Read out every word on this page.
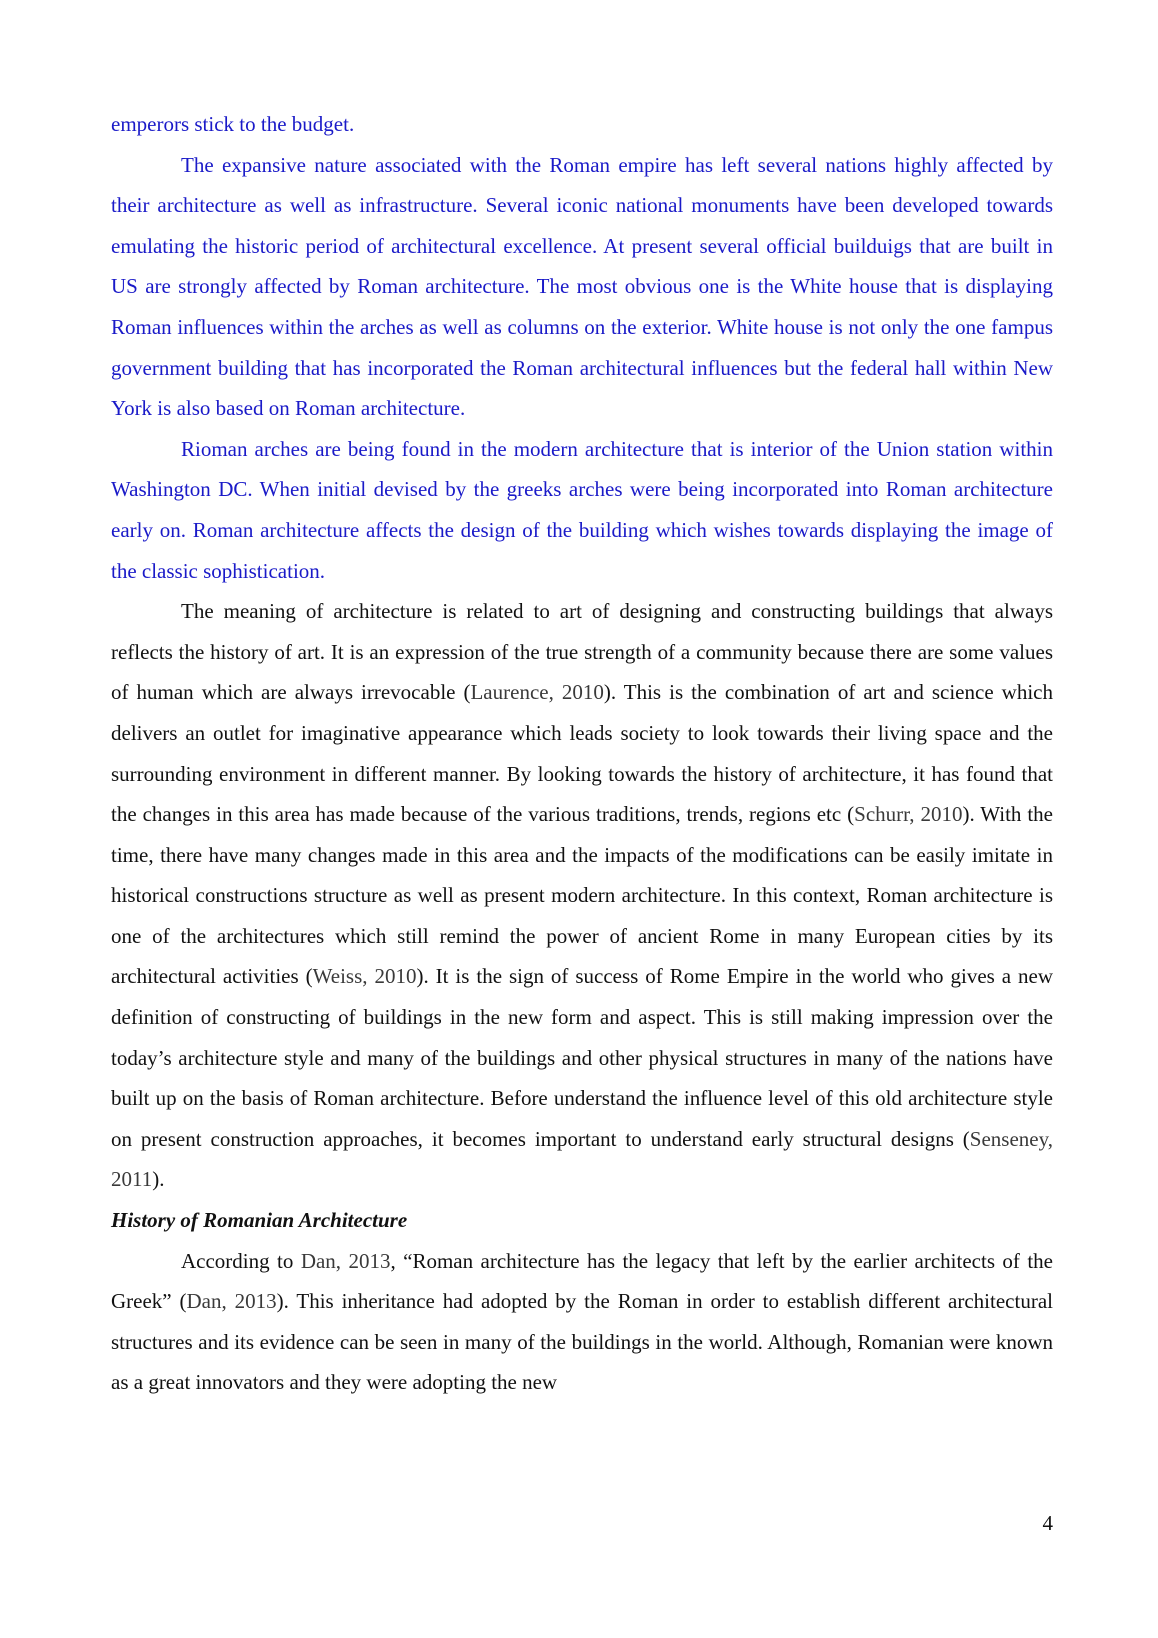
emperors stick to the budget.

The expansive nature associated with the Roman empire has left several nations highly affected by their architecture as well as infrastructure. Several iconic national monuments have been developed towards emulating the historic period of architectural excellence. At present several official builduigs that are built in US are strongly affected by Roman architecture. The most obvious one is the White house that is displaying Roman influences within the arches as well as columns on the exterior. White house is not only the one fampus government building that has incorporated the Roman architectural influences but the federal hall within New York is also based on Roman architecture.

Rioman arches are being found in the modern architecture that is interior of the Union station within Washington DC. When initial devised by the greeks arches were being incorporated into Roman architecture early on. Roman architecture affects the design of the building which wishes towards displaying the image of the classic sophistication.

The meaning of architecture is related to art of designing and constructing buildings that always reflects the history of art. It is an expression of the true strength of a community because there are some values of human which are always irrevocable (Laurence, 2010). This is the combination of art and science which delivers an outlet for imaginative appearance which leads society to look towards their living space and the surrounding environment in different manner. By looking towards the history of architecture, it has found that the changes in this area has made because of the various traditions, trends, regions etc (Schurr, 2010). With the time, there have many changes made in this area and the impacts of the modifications can be easily imitate in historical constructions structure as well as present modern architecture. In this context, Roman architecture is one of the architectures which still remind the power of ancient Rome in many European cities by its architectural activities (Weiss, 2010). It is the sign of success of Rome Empire in the world who gives a new definition of constructing of buildings in the new form and aspect. This is still making impression over the today’s architecture style and many of the buildings and other physical structures in many of the nations have built up on the basis of Roman architecture. Before understand the influence level of this old architecture style on present construction approaches, it becomes important to understand early structural designs (Senseney, 2011).

History of Romanian Architecture

According to Dan, 2013, “Roman architecture has the legacy that left by the earlier architects of the Greek” (Dan, 2013). This inheritance had adopted by the Roman in order to establish different architectural structures and its evidence can be seen in many of the buildings in the world. Although, Romanian were known as a great innovators and they were adopting the new

4
